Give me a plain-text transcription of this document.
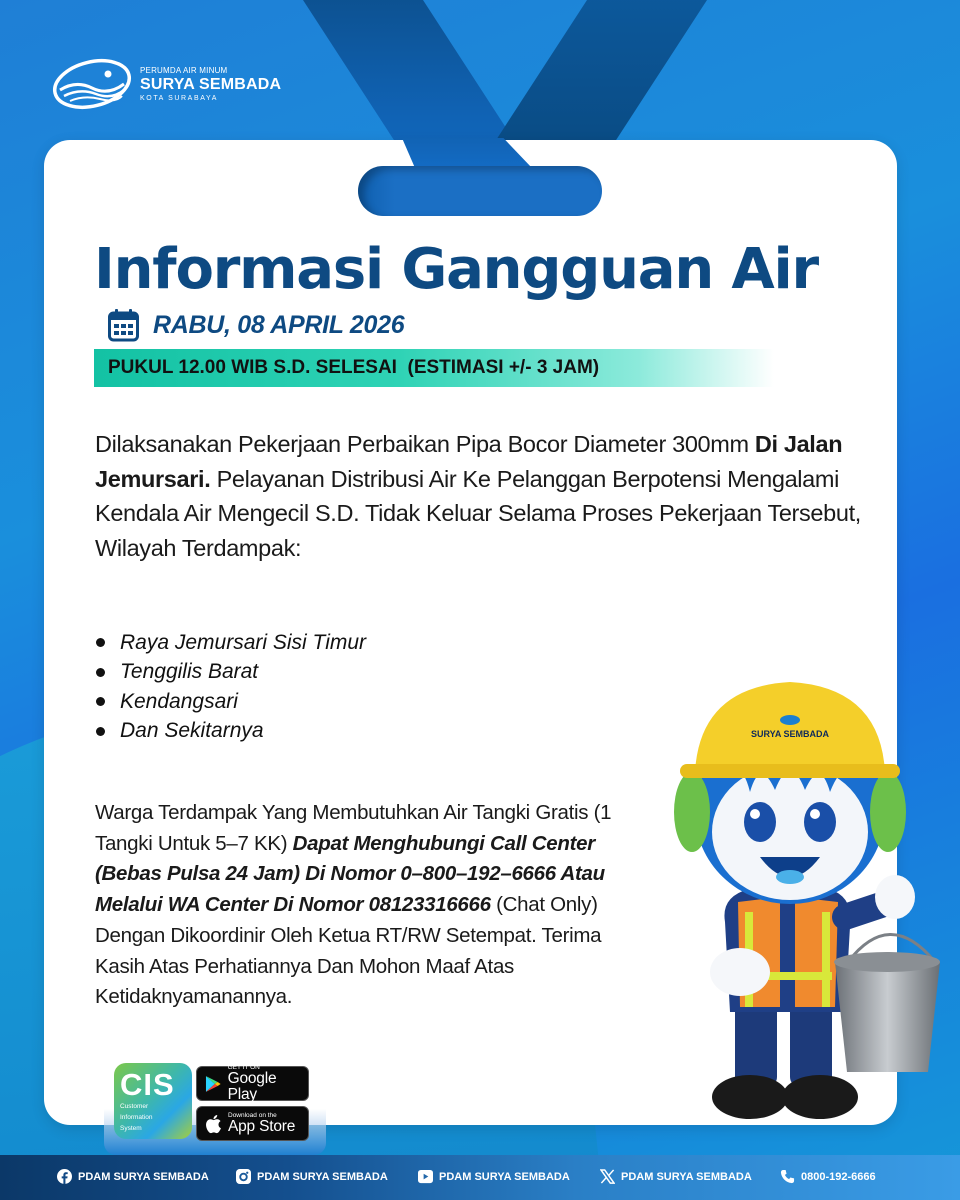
PERUMDA AIR MINUM
SURYA SEMBADA
KOTA SURABAYA
Informasi Gangguan Air
RABU, 08 APRIL 2026
PUKUL 12.00 WIB S.D. SELESAI  (ESTIMASI +/- 3 JAM)

Dilaksanakan Pekerjaan Perbaikan Pipa Bocor Diameter 300mm Di Jalan Jemursari. Pelayanan Distribusi Air Ke Pelanggan Berpotensi Mengalami Kendala Air Mengecil S.D. Tidak Keluar Selama Proses Pekerjaan Tersebut, Wilayah Terdampak:

Raya Jemursari Sisi Timur
Tenggilis Barat
Kendangsari
Dan Sekitarnya

Warga Terdampak Yang Membutuhkan Air Tangki Gratis (1 Tangki Untuk 5–7 KK) Dapat Menghubungi Call Center (Bebas Pulsa 24 Jam) Di Nomor 0–800–192–6666 Atau Melalui WA Center Di Nomor 08123316666 (Chat Only) Dengan Dikoordinir Oleh Ketua RT/RW Setempat. Terima Kasih Atas Perhatiannya Dan Mohon Maaf Atas Ketidaknyamanannya.

SURYA SEMBADA
CIS
Customer
Information
System
GET IT ON
Google Play
Download on the
App Store
PDAM SURYA SEMBADA	PDAM SURYA SEMBADA	PDAM SURYA SEMBADA	PDAM SURYA SEMBADA	0800-192-6666
